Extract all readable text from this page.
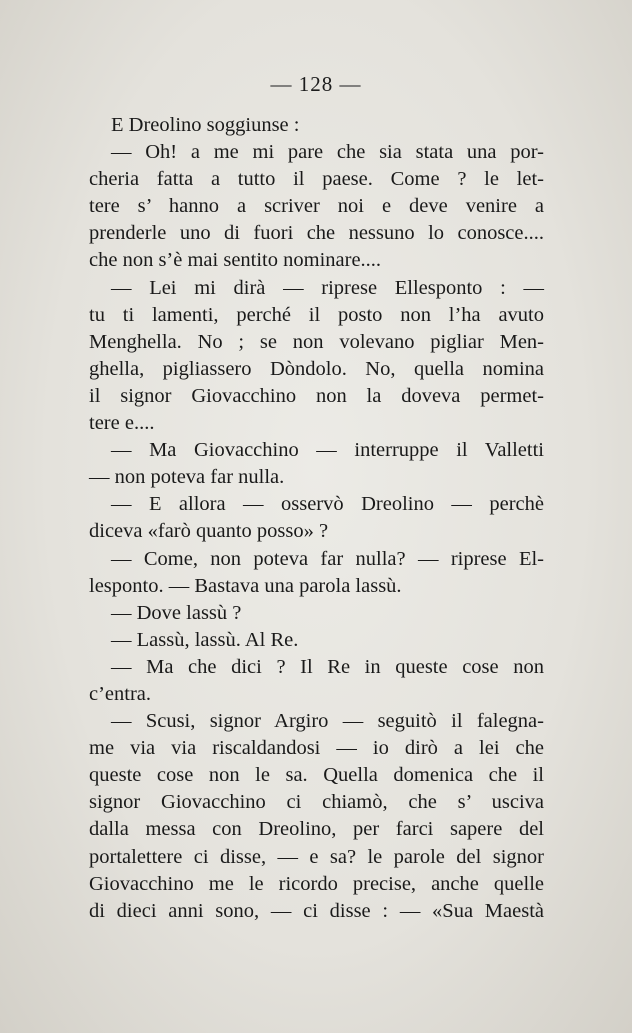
— 128 —
E Dreolino soggiunse :
— Oh! a me mi pare che sia stata una por-
cheria fatta a tutto il paese. Come ? le let-
tere s’ hanno a scriver noi e deve venire a
prenderle uno di fuori che nessuno lo conosce....
che non s’è mai sentito nominare....
— Lei mi dirà — riprese Ellesponto : —
tu ti lamenti, perché il posto non l’ha avuto
Menghella. No ; se non volevano pigliar Men-
ghella, pigliassero Dòndolo. No, quella nomina
il signor Giovacchino non la doveva permet-
tere e....
— Ma Giovacchino — interruppe il Valletti
— non poteva far nulla.
— E allora — osservò Dreolino — perchè
diceva «farò quanto posso» ?
— Come, non poteva far nulla? — riprese El-
lesponto. — Bastava una parola lassù.
— Dove lassù ?
— Lassù, lassù. Al Re.
— Ma che dici ? Il Re in queste cose non
c’entra.
— Scusi, signor Argiro — seguitò il falegna-
me via via riscaldandosi — io dirò a lei che
queste cose non le sa. Quella domenica che il
signor Giovacchino ci chiamò, che s’ usciva
dalla messa con Dreolino, per farci sapere del
portalettere ci disse, — e sa? le parole del signor
Giovacchino me le ricordo precise, anche quelle
di dieci anni sono, — ci disse : — «Sua Maestà
